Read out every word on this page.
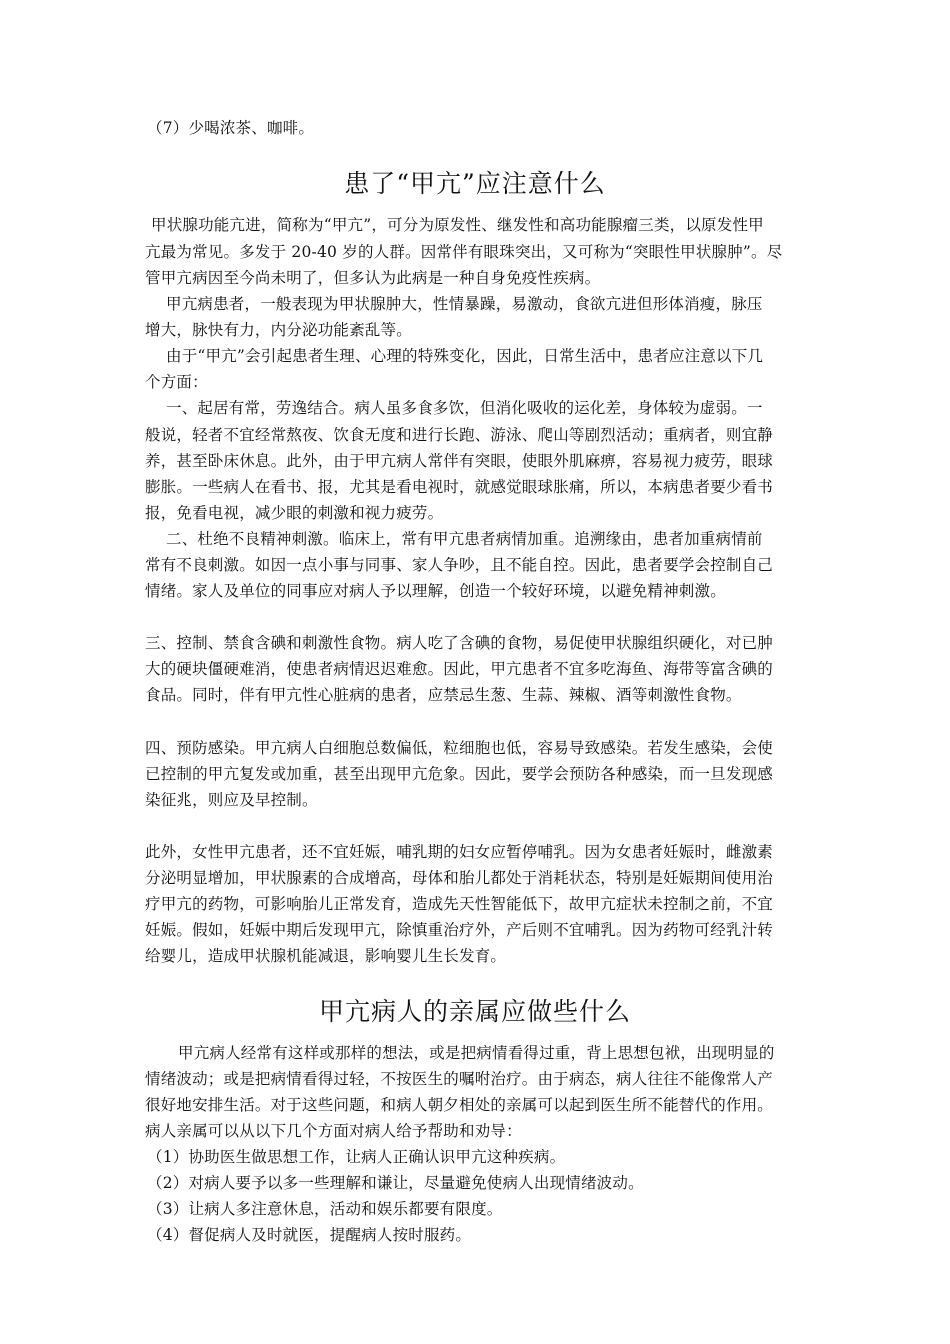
（7）少喝浓茶、咖啡。
患了“甲亢”应注意什么
甲状腺功能亢进，简称为“甲亢”，可分为原发性、继发性和高功能腺瘤三类，以原发性甲
亢最为常见。多发于 20-40 岁的人群。因常伴有眼珠突出，又可称为“突眼性甲状腺肿”。尽
管甲亢病因至今尚未明了，但多认为此病是一种自身免疫性疾病。
甲亢病患者，一般表现为甲状腺肿大，性情暴躁，易激动，食欲亢进但形体消瘦，脉压
增大，脉快有力，内分泌功能紊乱等。
由于“甲亢”会引起患者生理、心理的特殊变化，因此，日常生活中，患者应注意以下几
个方面：
一、起居有常，劳逸结合。病人虽多食多饮，但消化吸收的运化差，身体较为虚弱。一
般说，轻者不宜经常熬夜、饮食无度和进行长跑、游泳、爬山等剧烈活动；重病者，则宜静
养，甚至卧床休息。此外，由于甲亢病人常伴有突眼，使眼外肌麻痹，容易视力疲劳，眼球
膨胀。一些病人在看书、报，尤其是看电视时，就感觉眼球胀痛，所以，本病患者要少看书
报，免看电视，减少眼的刺激和视力疲劳。
二、杜绝不良精神刺激。临床上，常有甲亢患者病情加重。追溯缘由，患者加重病情前
常有不良刺激。如因一点小事与同事、家人争吵，且不能自控。因此，患者要学会控制自己
情绪。家人及单位的同事应对病人予以理解，创造一个较好环境，以避免精神刺激。
三、控制、禁食含碘和刺激性食物。病人吃了含碘的食物，易促使甲状腺组织硬化，对已肿
大的硬块僵硬难消，使患者病情迟迟难愈。因此，甲亢患者不宜多吃海鱼、海带等富含碘的
食品。同时，伴有甲亢性心脏病的患者，应禁忌生葱、生蒜、辣椒、酒等刺激性食物。
四、预防感染。甲亢病人白细胞总数偏低，粒细胞也低，容易导致感染。若发生感染，会使
已控制的甲亢复发或加重，甚至出现甲亢危象。因此，要学会预防各种感染，而一旦发现感
染征兆，则应及早控制。
此外，女性甲亢患者，还不宜妊娠，哺乳期的妇女应暂停哺乳。因为女患者妊娠时，雌激素
分泌明显增加，甲状腺素的合成增高，母体和胎儿都处于消耗状态，特别是妊娠期间使用治
疗甲亢的药物，可影响胎儿正常发育，造成先天性智能低下，故甲亢症状未控制之前，不宜
妊娠。假如，妊娠中期后发现甲亢，除慎重治疗外，产后则不宜哺乳。因为药物可经乳汁转
给婴儿，造成甲状腺机能减退，影响婴儿生长发育。
甲亢病人的亲属应做些什么
甲亢病人经常有这样或那样的想法，或是把病情看得过重，背上思想包袱，出现明显的
情绪波动；或是把病情看得过轻，不按医生的嘱咐治疗。由于病态，病人往往不能像常人产
很好地安排生活。对于这些问题，和病人朝夕相处的亲属可以起到医生所不能替代的作用。
病人亲属可以从以下几个方面对病人给予帮助和劝导：
（1）协助医生做思想工作，让病人正确认识甲亢这种疾病。
（2）对病人要予以多一些理解和谦让，尽量避免使病人出现情绪波动。
（3）让病人多注意休息，活动和娱乐都要有限度。
（4）督促病人及时就医，提醒病人按时服药。
